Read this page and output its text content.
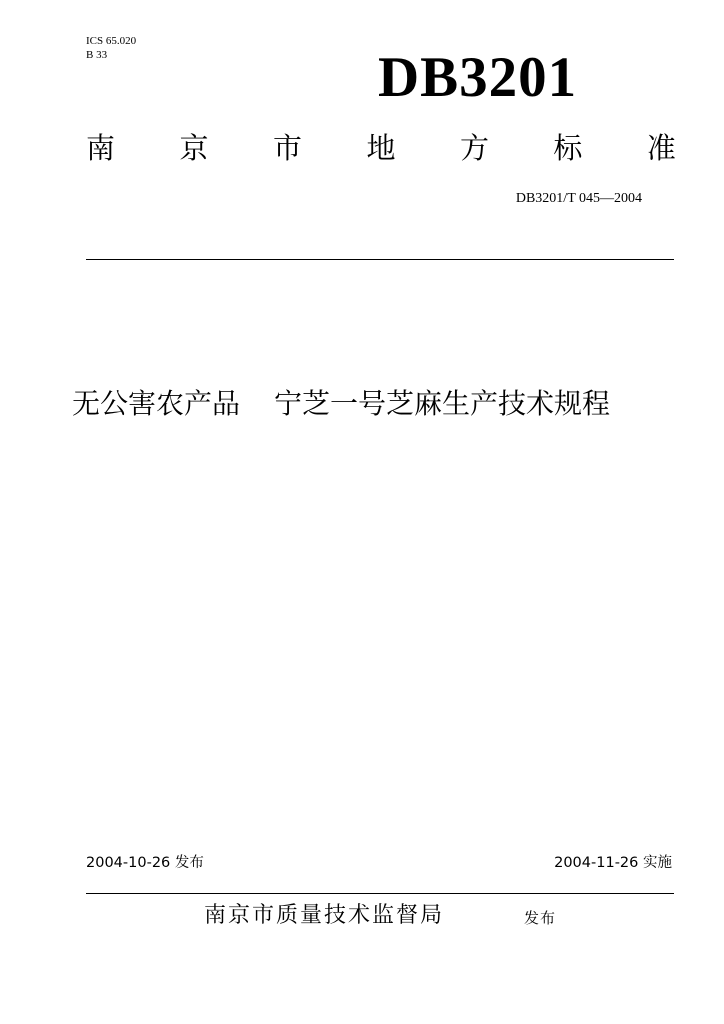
ICS 65.020
B 33	DB3201
南 京 市 地 方 标 准
DB3201/T 045—2004
无公害农产品 宁芝一号芝麻生产技术规程
2004-10-26 发布	2004-11-26 实施
南京市质量技术监督局	发布
